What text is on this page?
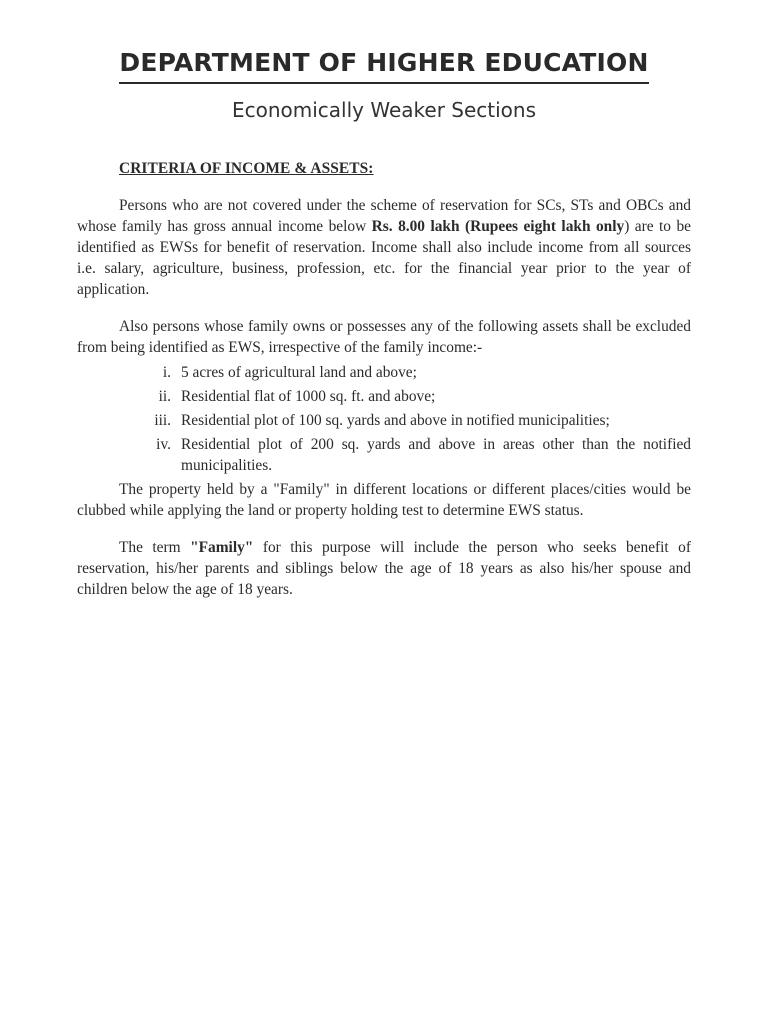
DEPARTMENT OF HIGHER EDUCATION
Economically Weaker Sections
CRITERIA OF INCOME & ASSETS:

Persons who are not covered under the scheme of reservation for SCs, STs and OBCs and whose family has gross annual income below Rs. 8.00 lakh (Rupees eight lakh only) are to be identified as EWSs for benefit of reservation. Income shall also include income from all sources i.e. salary, agriculture, business, profession, etc. for the financial year prior to the year of application.

Also persons whose family owns or possesses any of the following assets shall be excluded from being identified as EWS, irrespective of the family income:-

i. 5 acres of agricultural land and above;
ii. Residential flat of 1000 sq. ft. and above;
iii. Residential plot of 100 sq. yards and above in notified municipalities;
iv. Residential plot of 200 sq. yards and above in areas other than the notified municipalities.

The property held by a "Family" in different locations or different places/cities would be clubbed while applying the land or property holding test to determine EWS status.

The term "Family" for this purpose will include the person who seeks benefit of reservation, his/her parents and siblings below the age of 18 years as also his/her spouse and children below the age of 18 years.
